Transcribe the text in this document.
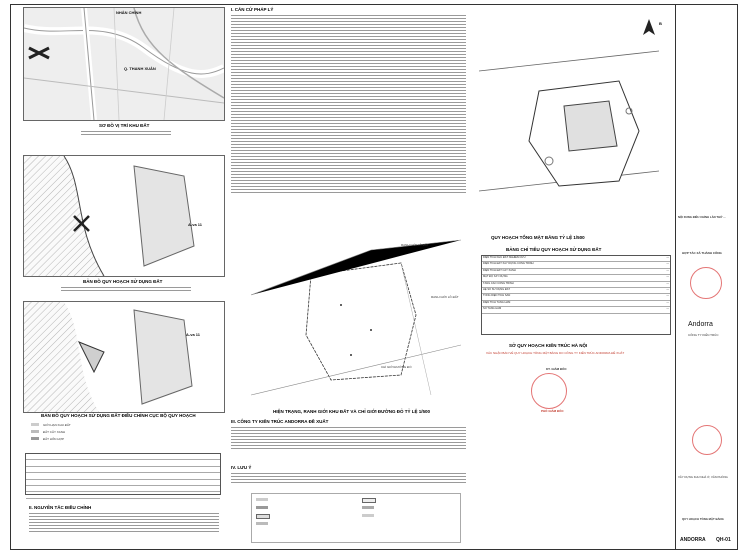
NHÂN CHÍNH
Q. THANH XUÂN
SƠ ĐỒ VỊ TRÍ KHU ĐẤT
A-va 11
BẢN ĐỒ QUY HOẠCH SỬ DỤNG ĐẤT
A-va 11
BẢN ĐỒ QUY HOẠCH SỬ DỤNG ĐẤT ĐIỀU CHỈNH CỤC BỘ QUY HOẠCH
GIỚI HẠN KHU ĐẤT
ĐẤT CÂY XANH
ĐẤT HỖN HỢP
II. NGUYÊN TẮC ĐIỀU CHỈNH
I. CĂN CỨ PHÁP LÝ
RANH GIỚI LÔ ĐẤT
CHỈ GIỚI ĐƯỜNG ĐỎ
RANH GIỚI LÔ ĐẤT
HIỆN TRẠNG, RANH GIỚI KHU ĐẤT VÀ CHỈ GIỚI ĐƯỜNG ĐỎ TỶ LỆ 1/500
III. CÔNG TY KIẾN TRÚC ANDORRA ĐỀ XUẤT
IV. LƯU Ý
B
QUY HOẠCH TỔNG MẶT BẰNG TỶ LỆ 1/500
BẢNG CHỈ TIÊU QUY HOẠCH SỬ DỤNG ĐẤT
DIỆN TÍCH KHU ĐẤT NGHIÊN CỨU	—
DIỆN TÍCH ĐẤT XÂY DỰNG CÔNG TRÌNH	—
DIỆN TÍCH ĐẤT CÂY XANH	—
MẬT ĐỘ XÂY DỰNG	—
TẦNG CAO CÔNG TRÌNH	—
HỆ SỐ SỬ DỤNG ĐẤT	—
TỔNG DIỆN TÍCH SÀN	—
DIỆN TÍCH TẦNG HẦM	—
SỐ TẦNG HẦM	—
SỞ QUY HOẠCH KIẾN TRÚC HÀ NỘI
XÁC NHẬN BẢN VẼ QUY HOẠCH TỔNG MẶT BẰNG DO CÔNG TY KIẾN TRÚC ANDORRA ĐỀ XUẤT
KT. GIÁM ĐỐC
PHÓ GIÁM ĐỐC
NỘI DUNG ĐIỀU CHỈNH LẦN THỨ ...
HỢP TÁC XÃ THÀNH CÔNG
Andorra
CÔNG TY KIẾN TRÚC
XÂY DỰNG KHU NHÀ Ở, VĂN PHÒNG
QUY HOẠCH TỔNG MẶT BẰNG
ANDORRA QH-01
